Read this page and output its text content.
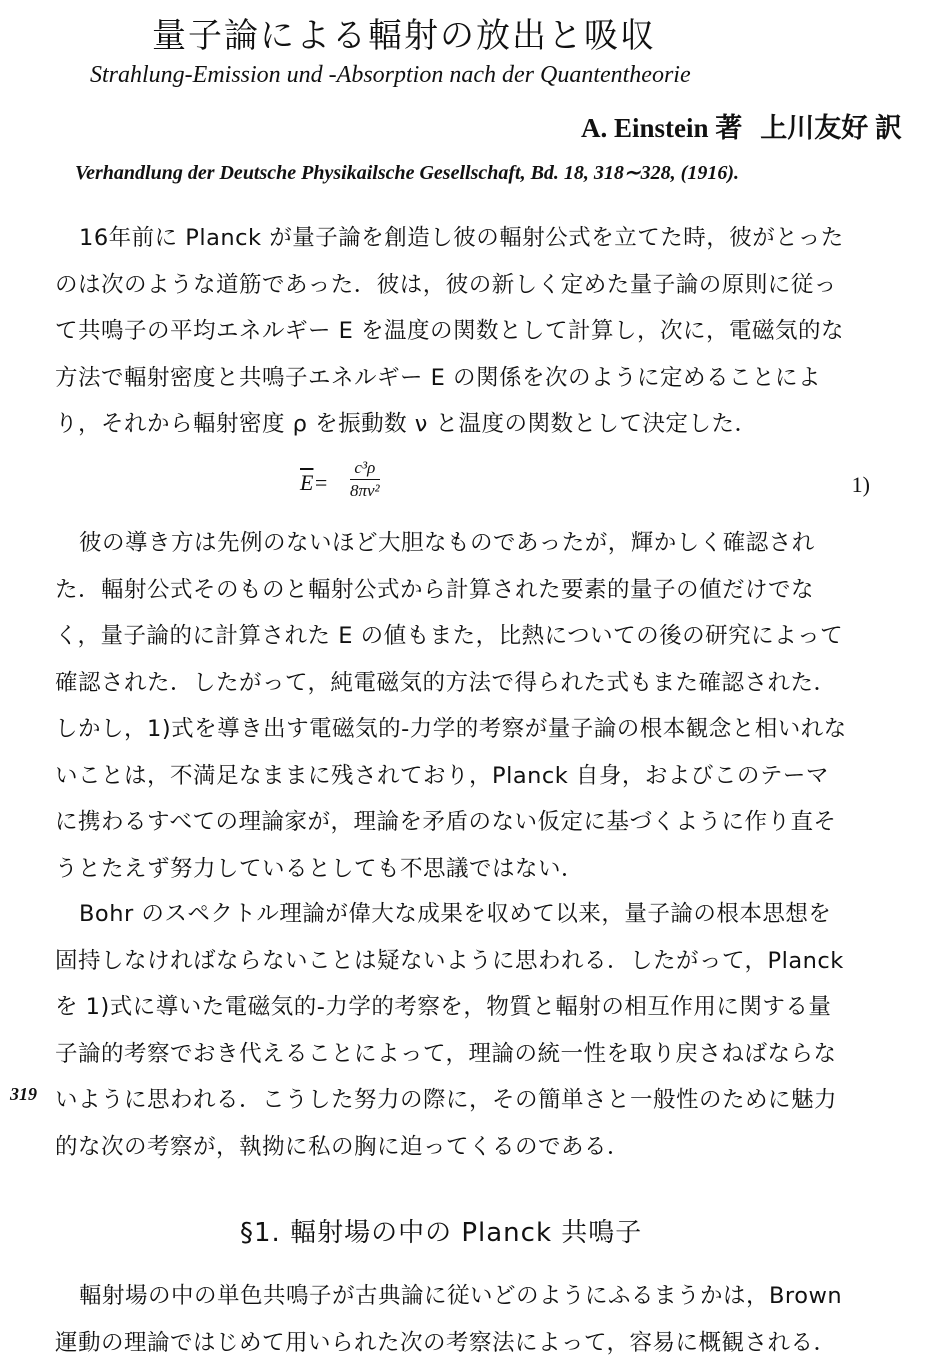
量子論による輻射の放出と吸収
Strahlung-Emission und -Absorption nach der Quantentheorie
A. Einstein 著 上川友好 訳
Verhandlung der Deutsche Physikailsche Gesellschaft, Bd. 18, 318∼328, (1916).
16年前に Planck が量子論を創造し彼の輻射公式を立てた時，彼がとった
のは次のような道筋であった．彼は，彼の新しく定めた量子論の原則に従っ
て共鳴子の平均エネルギー E を温度の関数として計算し，次に，電磁気的な
方法で輻射密度と共鳴子エネルギー E の関係を次のように定めることによ
り，それから輻射密度 ρ を振動数 ν と温度の関数として決定した．
$\overline{E}= \frac{\text{c³ρ}}{\text{8πν²}}$	1)
彼の導き方は先例のないほど大胆なものであったが，輝かしく確認され
た．輻射公式そのものと輻射公式から計算された要素的量子の値だけでな
く，量子論的に計算された E の値もまた，比熱についての後の研究によって
確認された．したがって，純電磁気的方法で得られた式もまた確認された．
しかし，1)式を導き出す電磁気的-力学的考察が量子論の根本観念と相いれな
いことは，不満足なままに残されており，Planck 自身，およびこのテーマ
に携わるすべての理論家が，理論を矛盾のない仮定に基づくように作り直そ
うとたえず努力しているとしても不思議ではない．
Bohr のスペクトル理論が偉大な成果を収めて以来，量子論の根本思想を
固持しなければならないことは疑ないように思われる．したがって，Planck
を 1)式に導いた電磁気的-力学的考察を，物質と輻射の相互作用に関する量
子論的考察でおき代えることによって，理論の統一性を取り戻さねばならな
いように思われる．こうした努力の際に，その簡単さと一般性のために魅力
的な次の考察が，執拗に私の胸に迫ってくるのである．
319
§1. 輻射場の中の Planck 共鳴子
輻射場の中の単色共鳴子が古典論に従いどのようにふるまうかは，Brown
運動の理論ではじめて用いられた次の考察法によって，容易に概観される．
